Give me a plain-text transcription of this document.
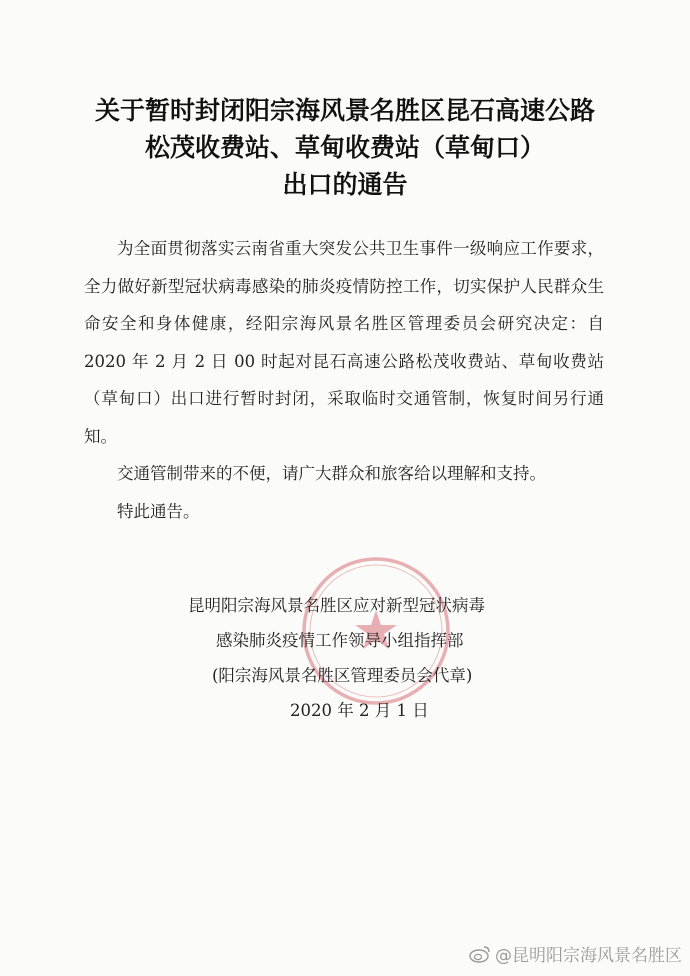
关于暂时封闭阳宗海风景名胜区昆石高速公路
松茂收费站、草甸收费站（草甸口）
出口的通告

为全面贯彻落实云南省重大突发公共卫生事件一级响应工作要求，全力做好新型冠状病毒感染的肺炎疫情防控工作，切实保护人民群众生命安全和身体健康，经阳宗海风景名胜区管理委员会研究决定：自 2020 年 2 月 2 日 00 时起对昆石高速公路松茂收费站、草甸收费站（草甸口）出口进行暂时封闭，采取临时交通管制，恢复时间另行通知。

交通管制带来的不便，请广大群众和旅客给以理解和支持。

特此通告。

昆明阳宗海风景名胜区应对新型冠状病毒
感染肺炎疫情工作领导小组指挥部
(阳宗海风景名胜区管理委员会代章)
2020 年 2 月 1 日
@昆明阳宗海风景名胜区
